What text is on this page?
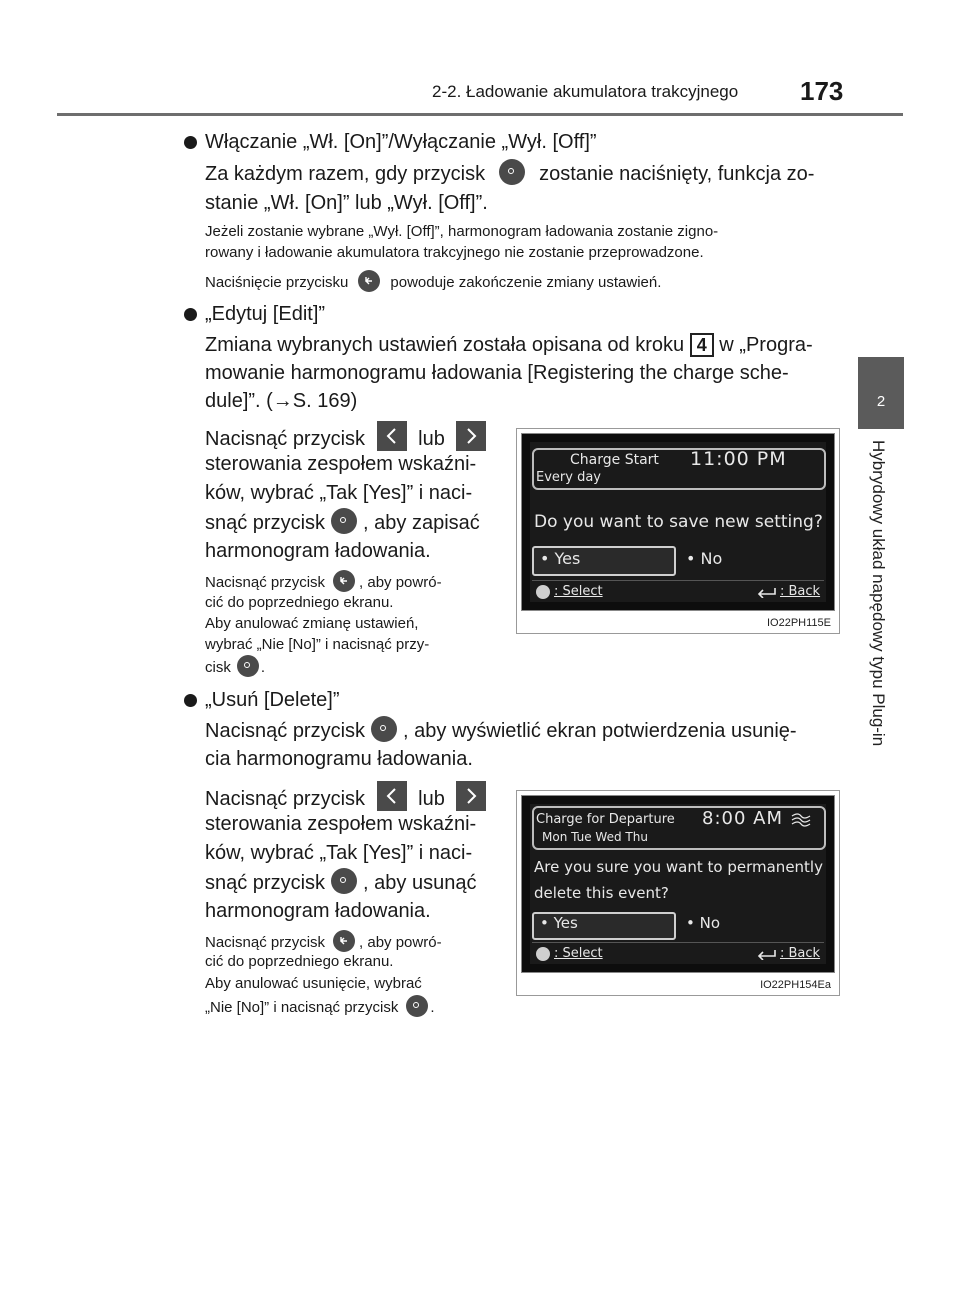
2-2. Ładowanie akumulatora trakcyjnego 173
2
Hybrydowy układ napędowy typu Plug-in
Włączanie „Wł. [On]”/Wyłączanie „Wył. [Off]”
Za każdym razem, gdy przycisk	zostanie naciśnięty, funkcja zo-
stanie „Wł. [On]” lub „Wył. [Off]”.
Jeżeli zostanie wybrane „Wył. [Off]”, harmonogram ładowania zostanie zigno-
rowany i ładowanie akumulatora trakcyjnego nie zostanie przeprowadzone.
Naciśnięcie przycisku	powoduje zakończenie zmiany ustawień.
„Edytuj [Edit]”
Zmiana wybranych ustawień została opisana od kroku 4 w „Progra-
mowanie harmonogramu ładowania [Registering the charge sche-
dule]”. (→S. 169)
Nacisnąć przycisk	lub
sterowania zespołem wskaźni-
ków, wybrać „Tak [Yes]” i naci-
snąć przycisk , aby zapisać
harmonogram ładowania.
Nacisnąć przycisk , aby powró-
cić do poprzedniego ekranu.
Aby anulować zmianę ustawień,
wybrać „Nie [No]” i nacisnąć przy-
cisk .
Charge Start 11:00 PM
Every day
Do you want to save new setting?
• Yes	• No
: Select	: Back
IO22PH115E
„Usuń [Delete]”
Nacisnąć przycisk , aby wyświetlić ekran potwierdzenia usunię-
cia harmonogramu ładowania.
Nacisnąć przycisk	lub
sterowania zespołem wskaźni-
ków, wybrać „Tak [Yes]” i naci-
snąć przycisk , aby usunąć
harmonogram ładowania.
Nacisnąć przycisk , aby powró-
cić do poprzedniego ekranu.
Aby anulować usunięcie, wybrać
„Nie [No]” i nacisnąć przycisk .
Charge for Departure 8:00 AM
Mon Tue Wed Thu
Are you sure you want to permanently
delete this event?
• Yes	• No
: Select	: Back
IO22PH154Ea
